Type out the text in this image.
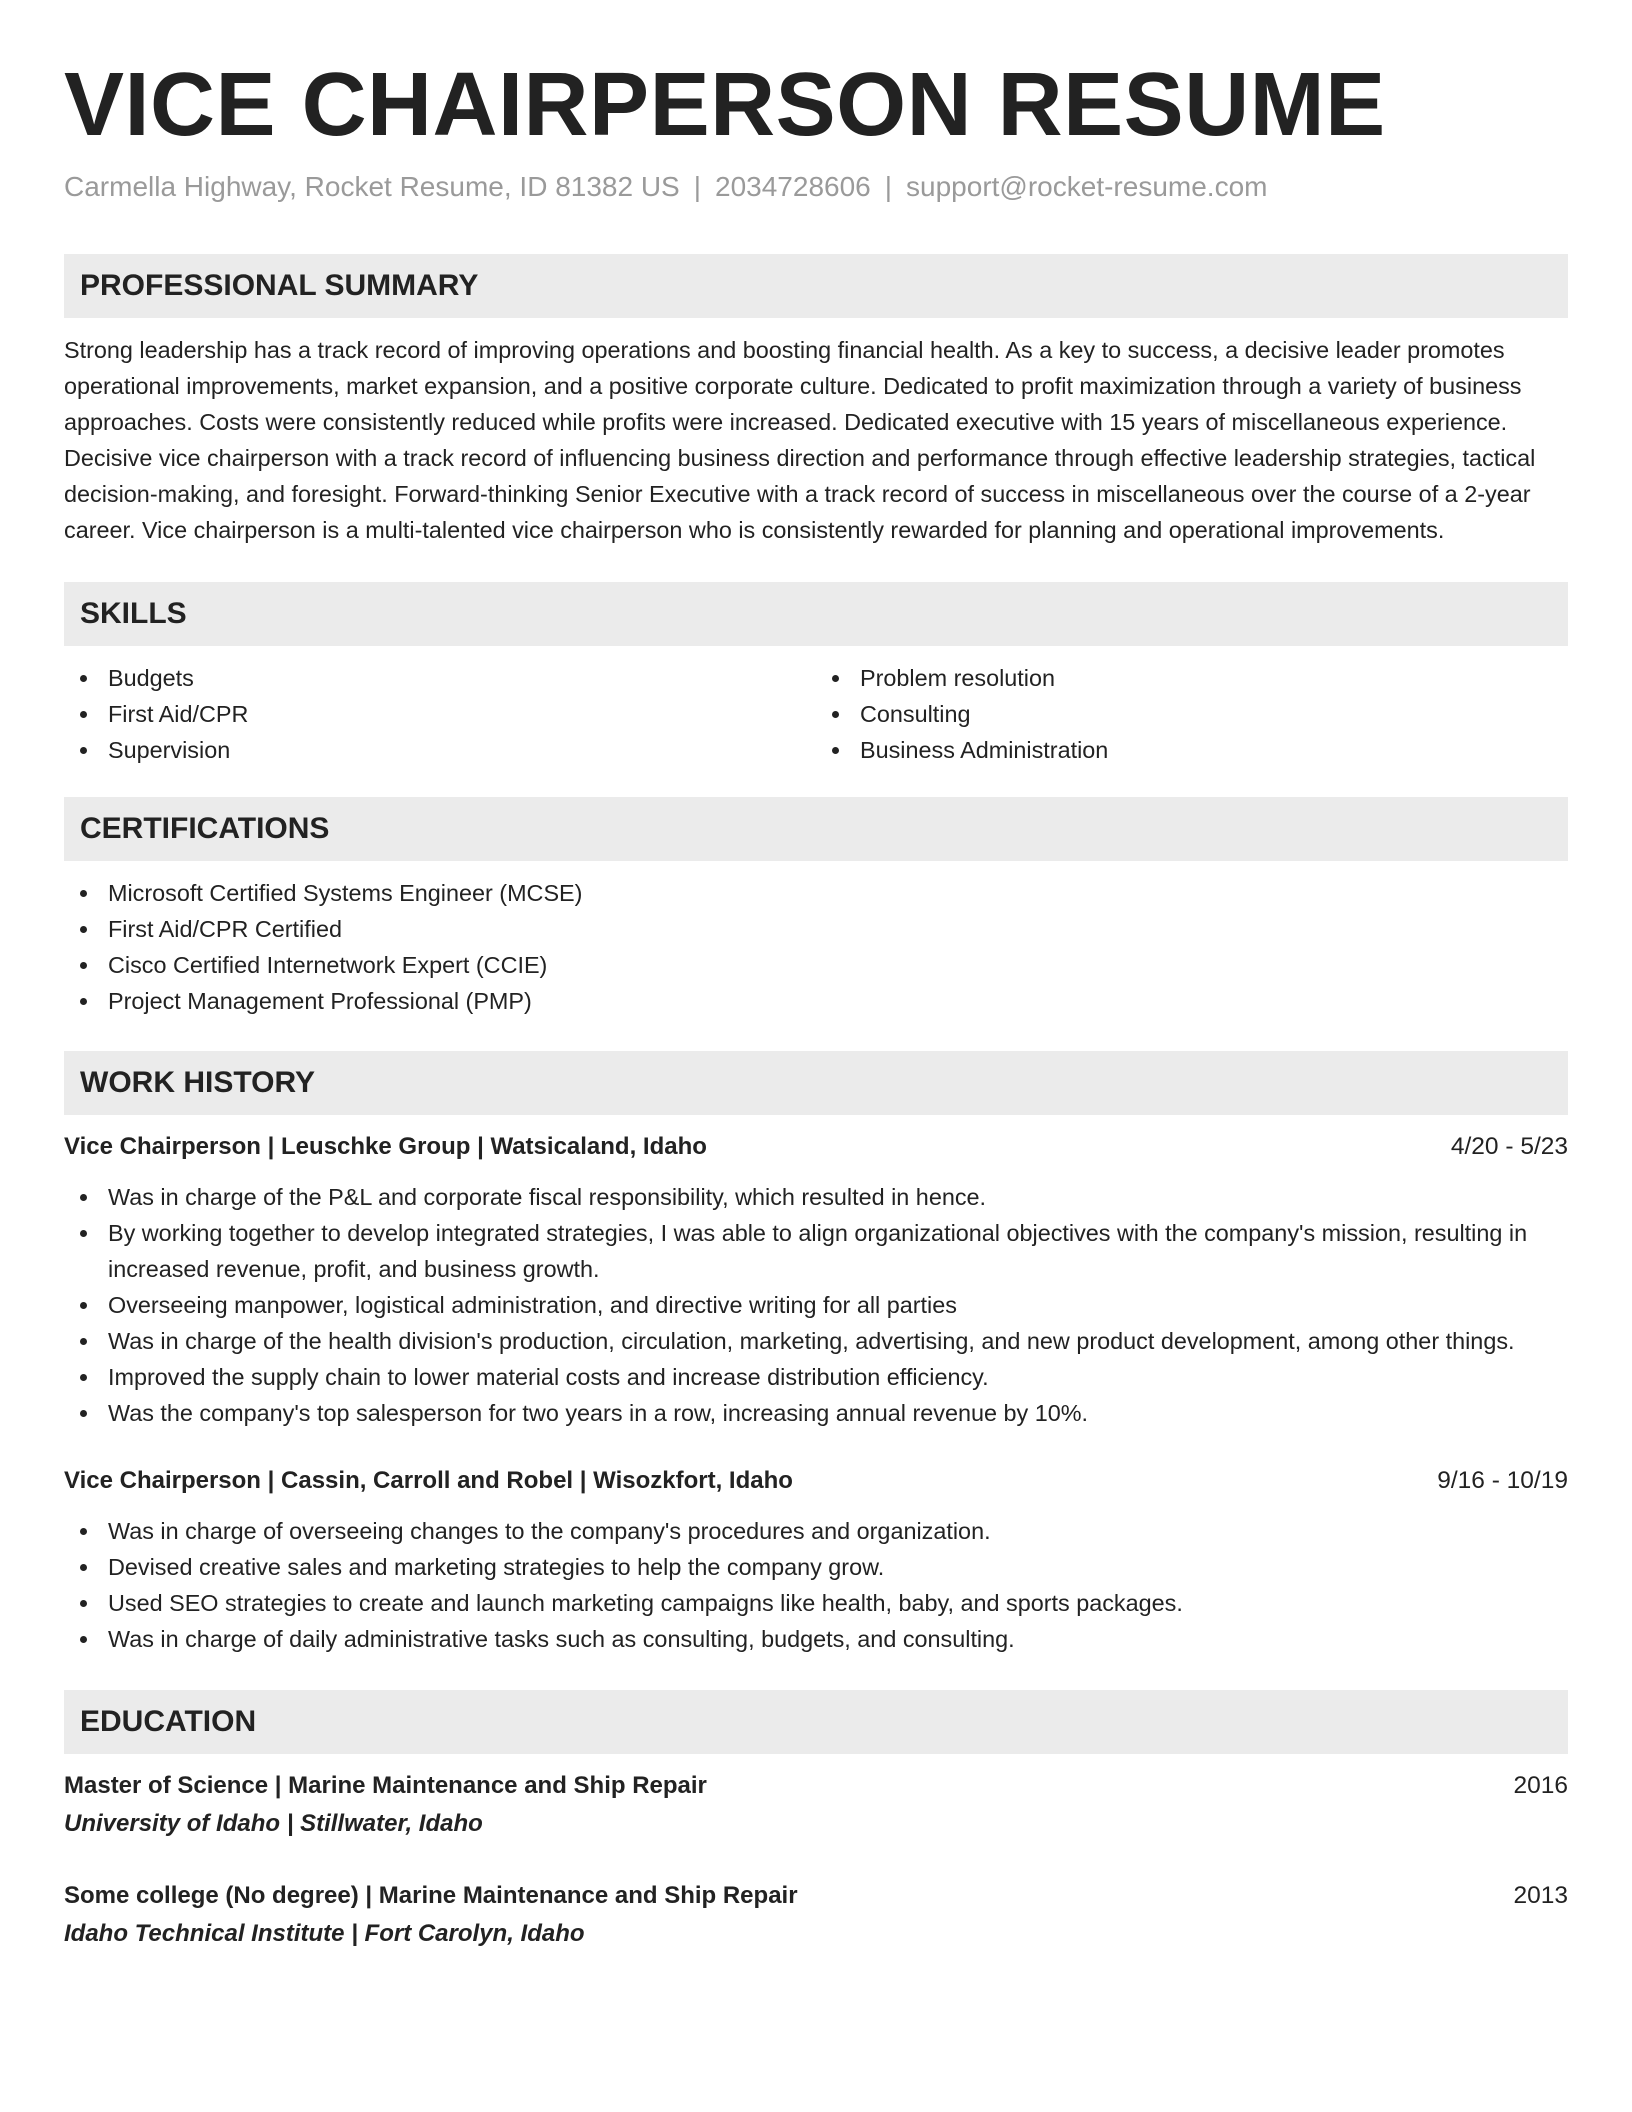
VICE CHAIRPERSON RESUME
Carmella Highway, Rocket Resume, ID 81382 US | 2034728606 | support@rocket-resume.com
PROFESSIONAL SUMMARY

Strong leadership has a track record of improving operations and boosting financial health. As a key to success, a decisive leader promotes operational improvements, market expansion, and a positive corporate culture. Dedicated to profit maximization through a variety of business approaches. Costs were consistently reduced while profits were increased. Dedicated executive with 15 years of miscellaneous experience. Decisive vice chairperson with a track record of influencing business direction and performance through effective leadership strategies, tactical decision-making, and foresight. Forward-thinking Senior Executive with a track record of success in miscellaneous over the course of a 2-year career. Vice chairperson is a multi-talented vice chairperson who is consistently rewarded for planning and operational improvements.

SKILLS
Budgets
First Aid/CPR
Supervision
Problem resolution
Consulting
Business Administration
CERTIFICATIONS
Microsoft Certified Systems Engineer (MCSE)
First Aid/CPR Certified
Cisco Certified Internetwork Expert (CCIE)
Project Management Professional (PMP)
WORK HISTORY
Vice Chairperson | Leuschke Group | Watsicaland, Idaho	4/20 - 5/23
Was in charge of the P&L and corporate fiscal responsibility, which resulted in hence.
By working together to develop integrated strategies, I was able to align organizational objectives with the company's mission, resulting in increased revenue, profit, and business growth.
Overseeing manpower, logistical administration, and directive writing for all parties
Was in charge of the health division's production, circulation, marketing, advertising, and new product development, among other things.
Improved the supply chain to lower material costs and increase distribution efficiency.
Was the company's top salesperson for two years in a row, increasing annual revenue by 10%.
Vice Chairperson | Cassin, Carroll and Robel | Wisozkfort, Idaho	9/16 - 10/19
Was in charge of overseeing changes to the company's procedures and organization.
Devised creative sales and marketing strategies to help the company grow.
Used SEO strategies to create and launch marketing campaigns like health, baby, and sports packages.
Was in charge of daily administrative tasks such as consulting, budgets, and consulting.
EDUCATION
Master of Science | Marine Maintenance and Ship Repair	2016
University of Idaho | Stillwater, Idaho
Some college (No degree) | Marine Maintenance and Ship Repair	2013
Idaho Technical Institute | Fort Carolyn, Idaho
